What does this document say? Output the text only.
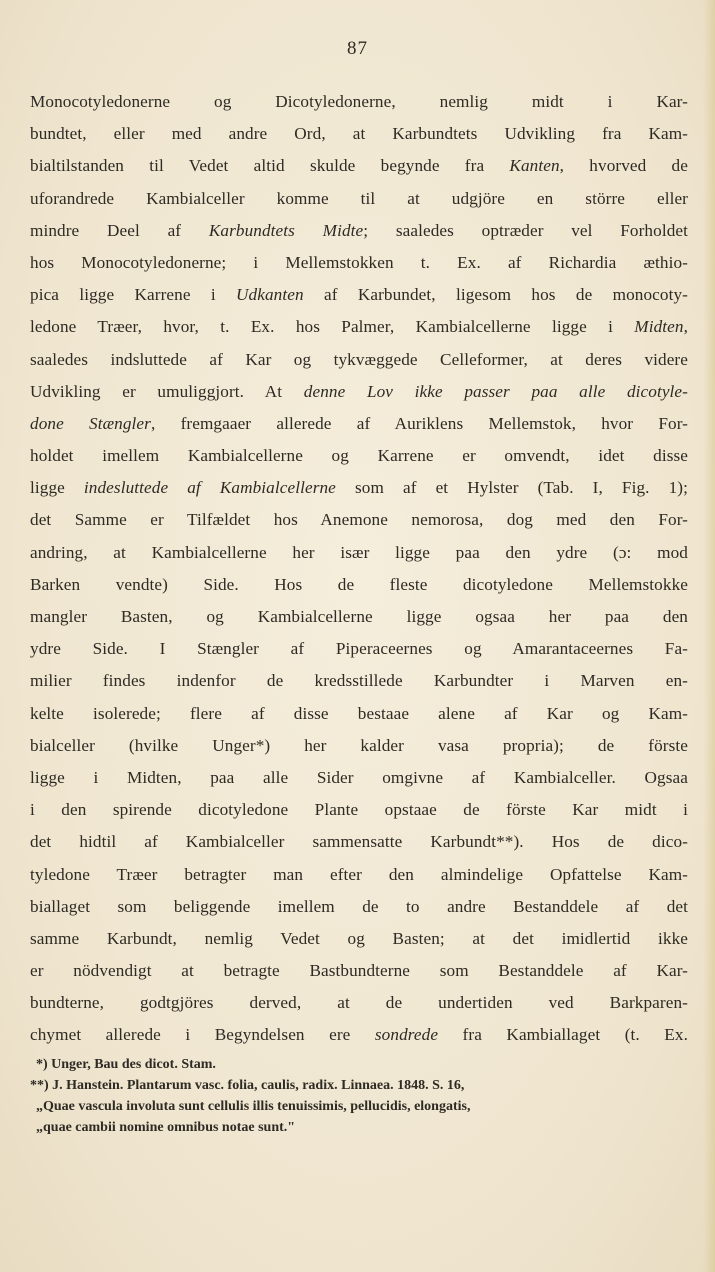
87
Monocotyledonerne og Dicotyledonerne, nemlig midt i Kar-
bundtet, eller med andre Ord, at Karbundtets Udvikling fra Kam-
bialtilstanden til Vedet altid skulde begynde fra Kanten, hvorved de
uforandrede Kambialceller komme til at udgjöre en större eller
mindre Deel af Karbundtets Midte; saaledes optræder vel Forholdet
hos Monocotyledonerne; i Mellemstokken t. Ex. af Richardia æthio-
pica ligge Karrene i Udkanten af Karbundet, ligesom hos de monocoty-
ledone Træer, hvor, t. Ex. hos Palmer, Kambialcellerne ligge i Midten,
saaledes indsluttede af Kar og tykvæggede Celleformer, at deres videre
Udvikling er umuliggjort. At denne Lov ikke passer paa alle dicotyle-
done Stængler, fremgaaer allerede af Auriklens Mellemstok, hvor For-
holdet imellem Kambialcellerne og Karrene er omvendt, idet disse
ligge indesluttede af Kambialcellerne som af et Hylster (Tab. I, Fig. 1);
det Samme er Tilfældet hos Anemone nemorosa, dog med den For-
andring, at Kambialcellerne her især ligge paa den ydre (ɔ: mod
Barken vendte) Side. Hos de fleste dicotyledone Mellemstokke
mangler Basten, og Kambialcellerne ligge ogsaa her paa den
ydre Side. I Stængler af Piperaceernes og Amarantaceernes Fa-
milier findes indenfor de kredsstillede Karbundter i Marven en-
kelte isolerede; flere af disse bestaae alene af Kar og Kam-
bialceller (hvilke Unger*) her kalder vasa propria); de förste
ligge i Midten, paa alle Sider omgivne af Kambialceller. Ogsaa
i den spirende dicotyledone Plante opstaae de förste Kar midt i
det hidtil af Kambialceller sammensatte Karbundt**). Hos de dico-
tyledone Træer betragter man efter den almindelige Opfattelse Kam-
biallaget som beliggende imellem de to andre Bestanddele af det
samme Karbundt, nemlig Vedet og Basten; at det imidlertid ikke
er nödvendigt at betragte Bastbundterne som Bestanddele af Kar-
bundterne, godtgjöres derved, at de undertiden ved Barkparen-
chymet allerede i Begyndelsen ere sondrede fra Kambiallaget (t. Ex.
*) Unger, Bau des dicot. Stam.
**) J. Hanstein. Plantarum vasc. folia, caulis, radix. Linnaea. 1848. S. 16,
„Quae vascula involuta sunt cellulis illis tenuissimis, pellucidis, elongatis,
„quae cambii nomine omnibus notae sunt."
